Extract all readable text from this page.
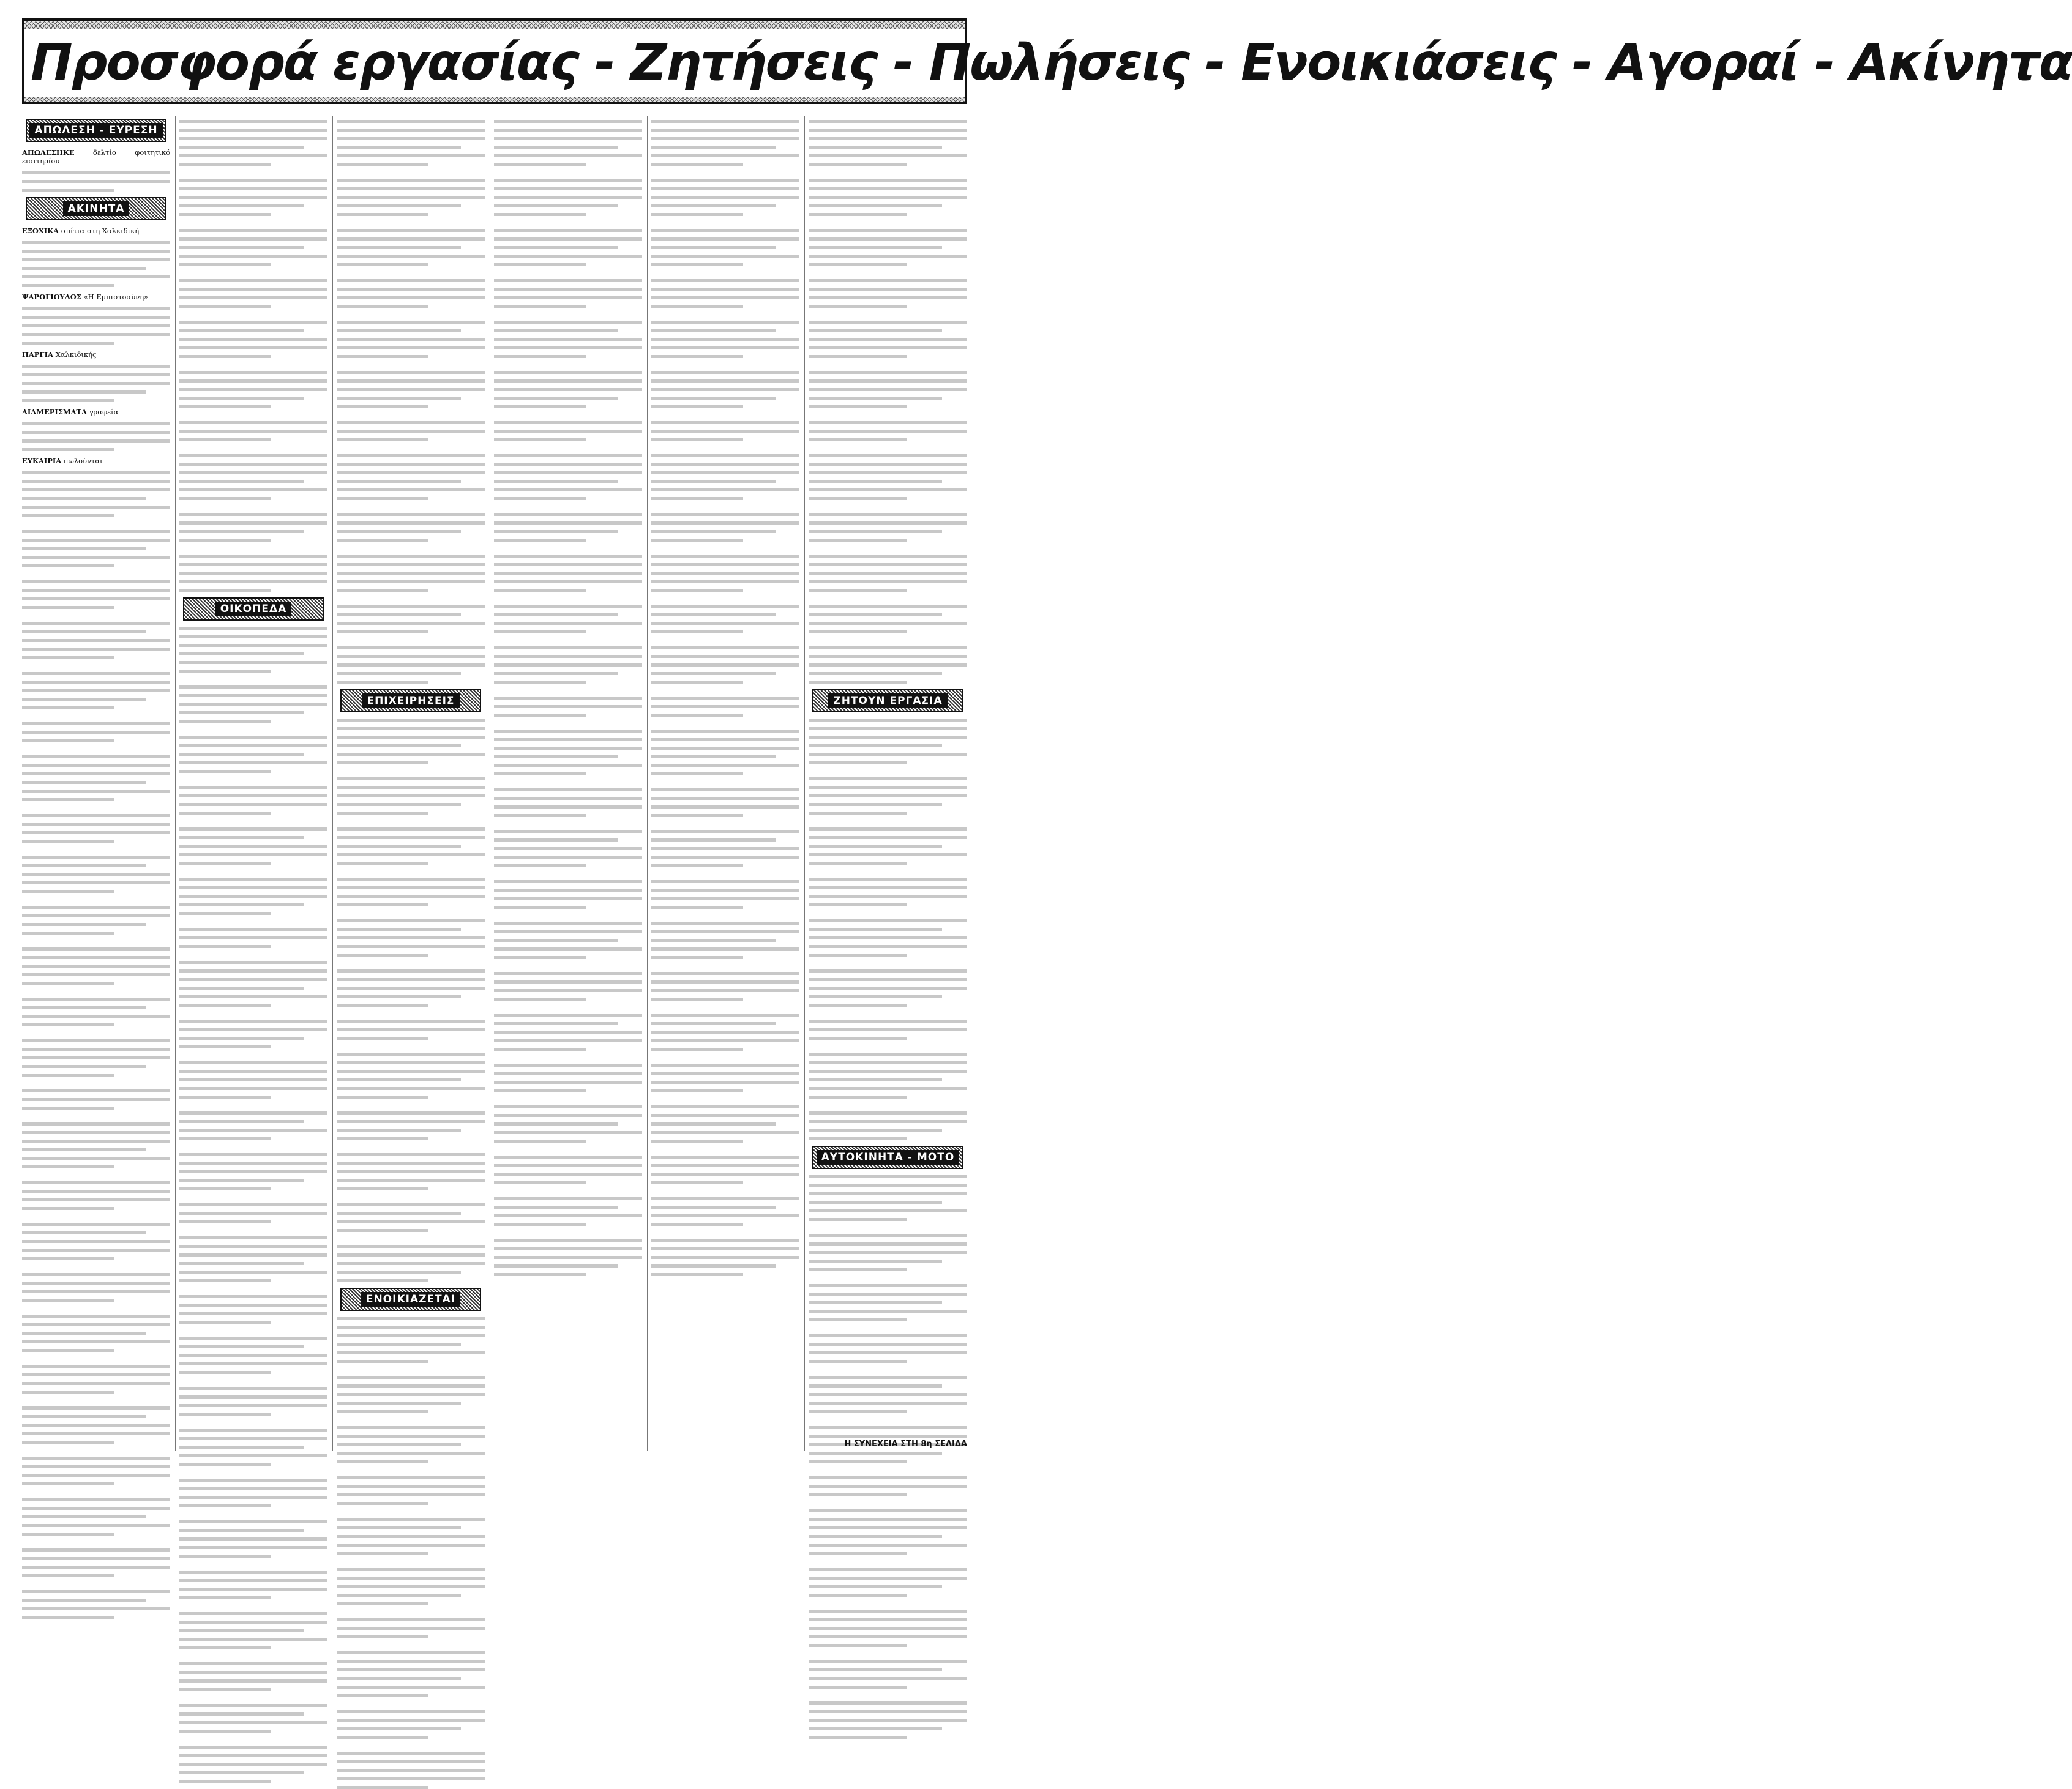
Προσφορά εργασίας - Ζητήσεις - Πωλήσεις - Ενοικιάσεις - Αγοραί - Ακίνητα
ΑΠΩΛΕΣΗ - ΕΥΡΕΣΗ

ΑΠΩΛΕΣΗΚΕ	δελτίο φοιτητικό εισιτηρίου

ΑΚΙΝΗΤΑ

ΕΞΟΧΙΚΑ σπίτια στη Χαλκιδική

ΨΑΡΟΓΙΟΥΛΟΣ «Η Εμπιστοσύνη»

ΠΑΡΓΙΑ Χαλκιδικής

ΔΙΑΜΕΡΙΣΜΑΤΑ γραφεία

ΕΥΚΑΙΡΙΑ πωλούνται

ΟΙΚΟΠΕΔΑ
ΕΠΙΧΕΙΡΗΣΕΙΣ
ΕΝΟΙΚΙΑΖΕΤΑΙ
ΖΗΤΟΥΝ ΕΡΓΑΣΙΑ
ΑΥΤΟΚΙΝΗΤΑ - ΜΟΤΟ
Η ΣΥΝΕΧΕΙΑ ΣΤΗ 8η ΣΕΛΙΔΑ
